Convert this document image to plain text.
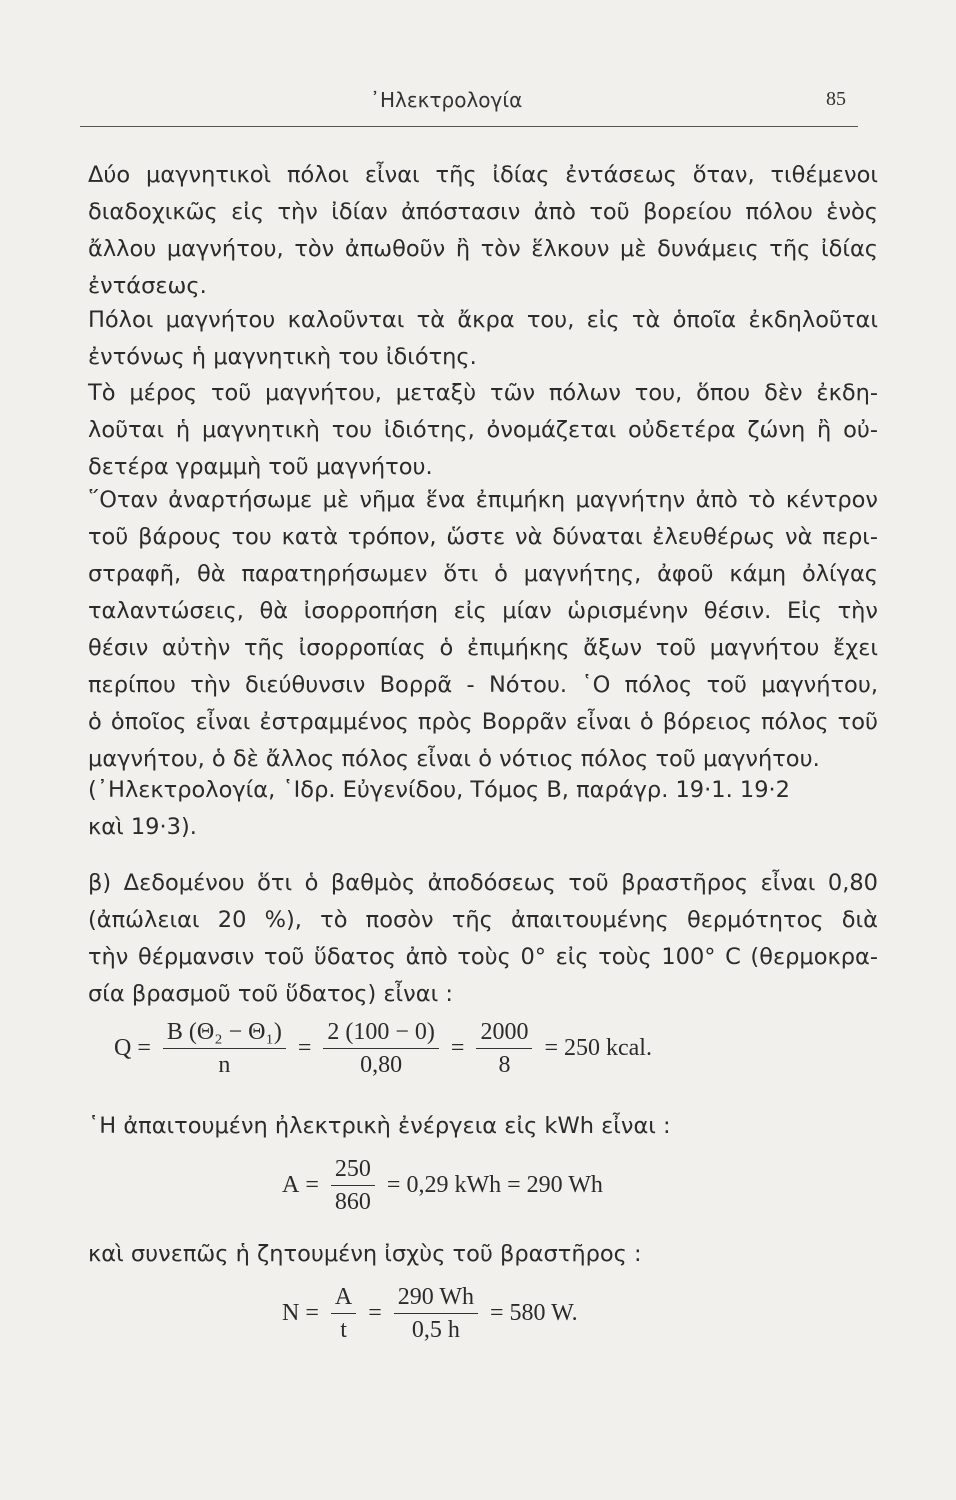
᾽Ηλεκτρολογία	85
Δύο μαγνητικοὶ πόλοι εἶναι τῆς ἰδίας ἐντάσεως ὅταν, τιθέμενοι
διαδοχικῶς εἰς τὴν ἰδίαν ἀπόστασιν ἀπὸ τοῦ βορείου πόλου ἑνὸς
ἄλλου μαγνήτου, τὸν ἀπωθοῦν ἢ τὸν ἕλκουν μὲ δυνάμεις τῆς ἰδίας
ἐντάσεως.
Πόλοι μαγνήτου καλοῦνται τὰ ἄκρα του, εἰς τὰ ὁποῖα ἐκδηλοῦται
ἐντόνως ἡ μαγνητικὴ του ἰδιότης.
Τὸ μέρος τοῦ μαγνήτου, μεταξὺ τῶν πόλων του, ὅπου δὲν ἐκδη-
λοῦται ἡ μαγνητικὴ του ἰδιότης, ὀνομάζεται οὐδετέρα ζώνη ἢ οὐ-
δετέρα γραμμὴ τοῦ μαγνήτου.
῞Οταν ἀναρτήσωμε μὲ νῆμα ἕνα ἐπιμήκη μαγνήτην ἀπὸ τὸ κέντρον
τοῦ βάρους του κατὰ τρόπον, ὥστε νὰ δύναται ἐλευθέρως νὰ περι-
στραφῆ, θὰ παρατηρήσωμεν ὅτι ὁ μαγνήτης, ἀφοῦ κάμη ὀλίγας
ταλαντώσεις, θὰ ἰσορροπήση εἰς μίαν ὡρισμένην θέσιν. Εἰς τὴν
θέσιν αὐτὴν τῆς ἰσορροπίας ὁ ἐπιμήκης ἄξων τοῦ μαγνήτου ἔχει
περίπου τὴν διεύθυνσιν Βορρᾶ - Νότου. ῾Ο πόλος τοῦ μαγνήτου,
ὁ ὁποῖος εἶναι ἐστραμμένος πρὸς Βορρᾶν εἶναι ὁ βόρειος πόλος τοῦ
μαγνήτου, ὁ δὲ ἄλλος πόλος εἶναι ὁ νότιος πόλος τοῦ μαγνήτου.
(᾽Ηλεκτρολογία, ῾Ιδρ. Εὐγενίδου, Τόμος Β, παράγρ. 19·1. 19·2
καὶ 19·3).
β) Δεδομένου ὅτι ὁ βαθμὸς ἀποδόσεως τοῦ βραστῆρος εἶναι 0,80
(ἀπώλειαι 20 %), τὸ ποσὸν τῆς ἀπαιτουμένης θερμότητος διὰ
τὴν θέρμανσιν τοῦ ὕδατος ἀπὸ τοὺς 0° εἰς τοὺς 100° C (θερμοκρα-
σία βρασμοῦ τοῦ ὕδατος) εἶναι :
$Q = \frac{\text{B (Θ₂ − Θ₁)}}{n} = \frac{2 (100 - 0)}{0,80} = \frac{2000}{8} = 250$ kcal.
῾Η ἀπαιτουμένη ἠλεκτρικὴ ἐνέργεια εἰς kWh εἶναι :
$A = \frac{250}{860} = 0,29$ kWh = 290 Wh
καὶ συνεπῶς ἡ ζητουμένη ἰσχὺς τοῦ βραστῆρος :
$N = \frac{A}{t} = \frac{290 Wh}{0,5 h} = 580$ W.
